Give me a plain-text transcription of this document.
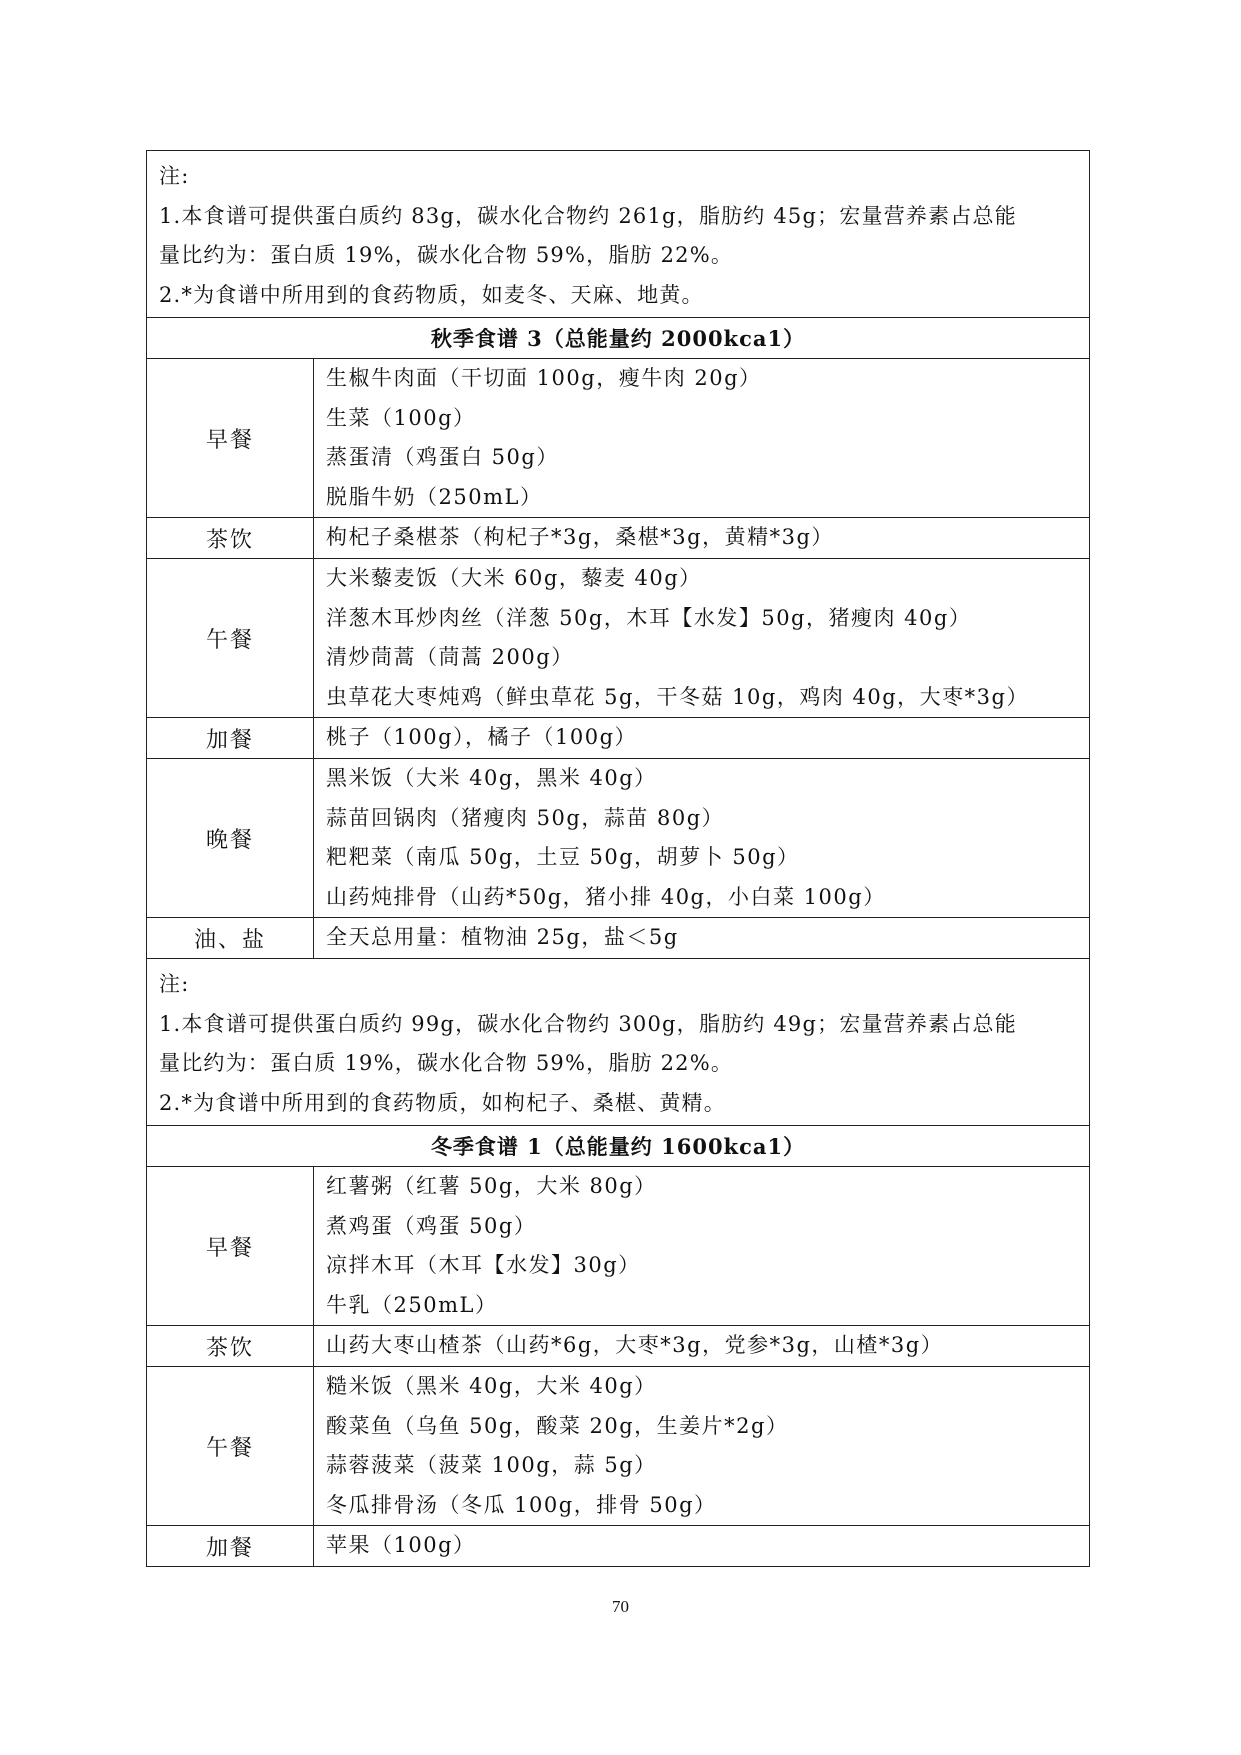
注:
1.本食谱可提供蛋白质约 83g，碳水化合物约 261g，脂肪约 45g；宏量营养素占总能
量比约为：蛋白质 19%，碳水化合物 59%，脂肪 22%。
2.*为食谱中所用到的食药物质，如麦冬、天麻、地黄。	

秋季食谱 3（总能量约 2000kca1）	
早餐	生椒牛肉面（干切面 100g，瘦牛肉 20g）
生菜（100g）
蒸蛋清（鸡蛋白 50g）
脱脂牛奶（250mL）

茶饮	枸杞子桑椹茶（枸杞子*3g，桑椹*3g，黄精*3g）

午餐	大米藜麦饭（大米 60g，藜麦 40g）
洋葱木耳炒肉丝（洋葱 50g，木耳【水发】50g，猪瘦肉 40g）
清炒茼蒿（茼蒿 200g）
虫草花大枣炖鸡（鲜虫草花 5g，干冬菇 10g，鸡肉 40g，大枣*3g）

加餐	桃子（100g），橘子（100g）

晚餐	黑米饭（大米 40g，黑米 40g）
蒜苗回锅肉（猪瘦肉 50g，蒜苗 80g）
粑粑菜（南瓜 50g，土豆 50g，胡萝卜 50g）
山药炖排骨（山药*50g，猪小排 40g，小白菜 100g）

油、盐	全天总用量：植物油 25g，盐＜5g

注:
1.本食谱可提供蛋白质约 99g，碳水化合物约 300g，脂肪约 49g；宏量营养素占总能
量比约为：蛋白质 19%，碳水化合物 59%，脂肪 22%。
2.*为食谱中所用到的食药物质，如枸杞子、桑椹、黄精。	

冬季食谱 1（总能量约 1600kca1）	
早餐	红薯粥（红薯 50g，大米 80g）
煮鸡蛋（鸡蛋 50g）
凉拌木耳（木耳【水发】30g）
牛乳（250mL）

茶饮	山药大枣山楂茶（山药*6g，大枣*3g，党参*3g，山楂*3g）

午餐	糙米饭（黑米 40g，大米 40g）
酸菜鱼（乌鱼 50g，酸菜 20g，生姜片*2g）
蒜蓉菠菜（菠菜 100g，蒜 5g）
冬瓜排骨汤（冬瓜 100g，排骨 50g）

加餐	苹果（100g）
70
